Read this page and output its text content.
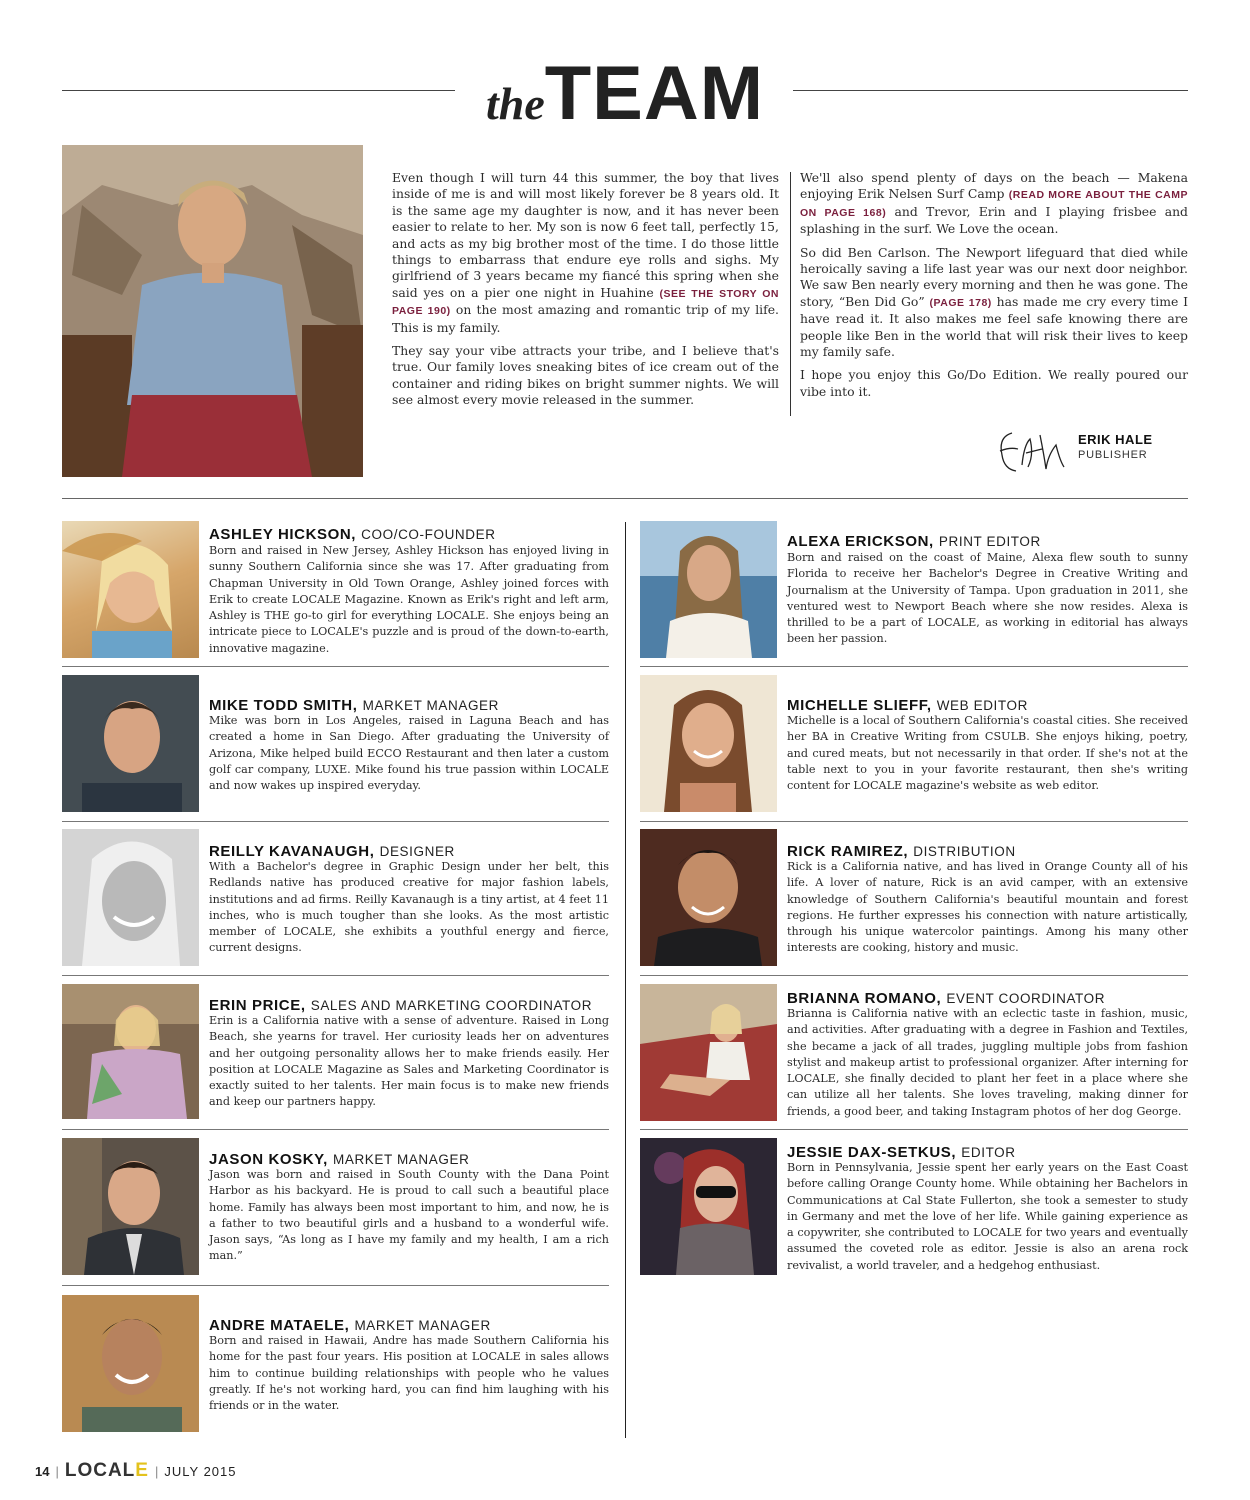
theTEAM

Even though I will turn 44 this summer, the boy that lives inside of me is and will most likely forever be 8 years old. It is the same age my daughter is now, and it has never been easier to relate to her. My son is now 6 feet tall, perfectly 15, and acts as my big brother most of the time. I do those little things to embarrass that endure eye rolls and sighs. My girlfriend of 3 years became my fiancé this spring when she said yes on a pier one night in Huahine (SEE THE STORY ON PAGE 190) on the most amazing and romantic trip of my life. This is my family.

They say your vibe attracts your tribe, and I believe that's true. Our family loves sneaking bites of ice cream out of the container and riding bikes on bright summer nights. We will see almost every movie released in the summer.

We'll also spend plenty of days on the beach — Makena enjoying Erik Nelsen Surf Camp (READ MORE ABOUT THE CAMP ON PAGE 168) and Trevor, Erin and I playing frisbee and splashing in the surf. We Love the ocean.

So did Ben Carlson. The Newport lifeguard that died while heroically saving a life last year was our next door neighbor. We saw Ben nearly every morning and then he was gone. The story, “Ben Did Go” (PAGE 178) has made me cry every time I have read it. It also makes me feel safe knowing there are people like Ben in the world that will risk their lives to keep my family safe.

I hope you enjoy this Go/Do Edition. We really poured our vibe into it.

ERIK HALE
PUBLISHER
ASHLEY HICKSON, COO/CO-FOUNDER

Born and raised in New Jersey, Ashley Hickson has enjoyed living in sunny Southern California since she was 17. After graduating from Chapman University in Old Town Orange, Ashley joined forces with Erik to create LOCALE Magazine. Known as Erik's right and left arm, Ashley is THE go-to girl for everything LOCALE. She enjoys being an intricate piece to LOCALE's puzzle and is proud of the down-to-earth, innovative magazine.

MIKE TODD SMITH, MARKET MANAGER

Mike was born in Los Angeles, raised in Laguna Beach and has created a home in San Diego. After graduating the University of Arizona, Mike helped build ECCO Restaurant and then later a custom golf car company, LUXE. Mike found his true passion within LOCALE and now wakes up inspired everyday.

REILLY KAVANAUGH, DESIGNER

With a Bachelor's degree in Graphic Design under her belt, this Redlands native has produced creative for major fashion labels, institutions and ad firms. Reilly Kavanaugh is a tiny artist, at 4 feet 11 inches, who is much tougher than she looks. As the most artistic member of LOCALE, she exhibits a youthful energy and fierce, current designs.

ERIN PRICE, SALES AND MARKETING COORDINATOR

Erin is a California native with a sense of adventure. Raised in Long Beach, she yearns for travel. Her curiosity leads her on adventures and her outgoing personality allows her to make friends easily. Her position at LOCALE Magazine as Sales and Marketing Coordinator is exactly suited to her talents. Her main focus is to make new friends and keep our partners happy.

JASON KOSKY, MARKET MANAGER

Jason was born and raised in South County with the Dana Point Harbor as his backyard. He is proud to call such a beautiful place home. Family has always been most important to him, and now, he is a father to two beautiful girls and a husband to a wonderful wife. Jason says, “As long as I have my family and my health, I am a rich man.”

ANDRE MATAELE, MARKET MANAGER

Born and raised in Hawaii, Andre has made Southern California his home for the past four years. His position at LOCALE in sales allows him to continue building relationships with people who he values greatly. If he's not working hard, you can find him laughing with his friends or in the water.

ALEXA ERICKSON, PRINT EDITOR

Born and raised on the coast of Maine, Alexa flew south to sunny Florida to receive her Bachelor's Degree in Creative Writing and Journalism at the University of Tampa. Upon graduation in 2011, she ventured west to Newport Beach where she now resides. Alexa is thrilled to be a part of LOCALE, as working in editorial has always been her passion.

MICHELLE SLIEFF, WEB EDITOR

Michelle is a local of Southern California's coastal cities. She received her BA in Creative Writing from CSULB. She enjoys hiking, poetry, and cured meats, but not necessarily in that order. If she's not at the table next to you in your favorite restaurant, then she's writing content for LOCALE magazine's website as web editor.

RICK RAMIREZ, DISTRIBUTION

Rick is a California native, and has lived in Orange County all of his life. A lover of nature, Rick is an avid camper, with an extensive knowledge of Southern California's beautiful mountain and forest regions. He further expresses his connection with nature artistically, through his unique watercolor paintings. Among his many other interests are cooking, history and music.

BRIANNA ROMANO, EVENT COORDINATOR

Brianna is California native with an eclectic taste in fashion, music, and activities. After graduating with a degree in Fashion and Textiles, she became a jack of all trades, juggling multiple jobs from fashion stylist and makeup artist to professional organizer. After interning for LOCALE, she finally decided to plant her feet in a place where she can utilize all her talents. She loves traveling, making dinner for friends, a good beer, and taking Instagram photos of her dog George.

JESSIE DAX-SETKUS, EDITOR

Born in Pennsylvania, Jessie spent her early years on the East Coast before calling Orange County home. While obtaining her Bachelors in Communications at Cal State Fullerton, she took a semester to study in Germany and met the love of her life. While gaining experience as a copywriter, she contributed to LOCALE for two years and eventually assumed the coveted role as editor. Jessie is also an arena rock revivalist, a world traveler, and a hedgehog enthusiast.

14 | LOCALE | JULY 2015
